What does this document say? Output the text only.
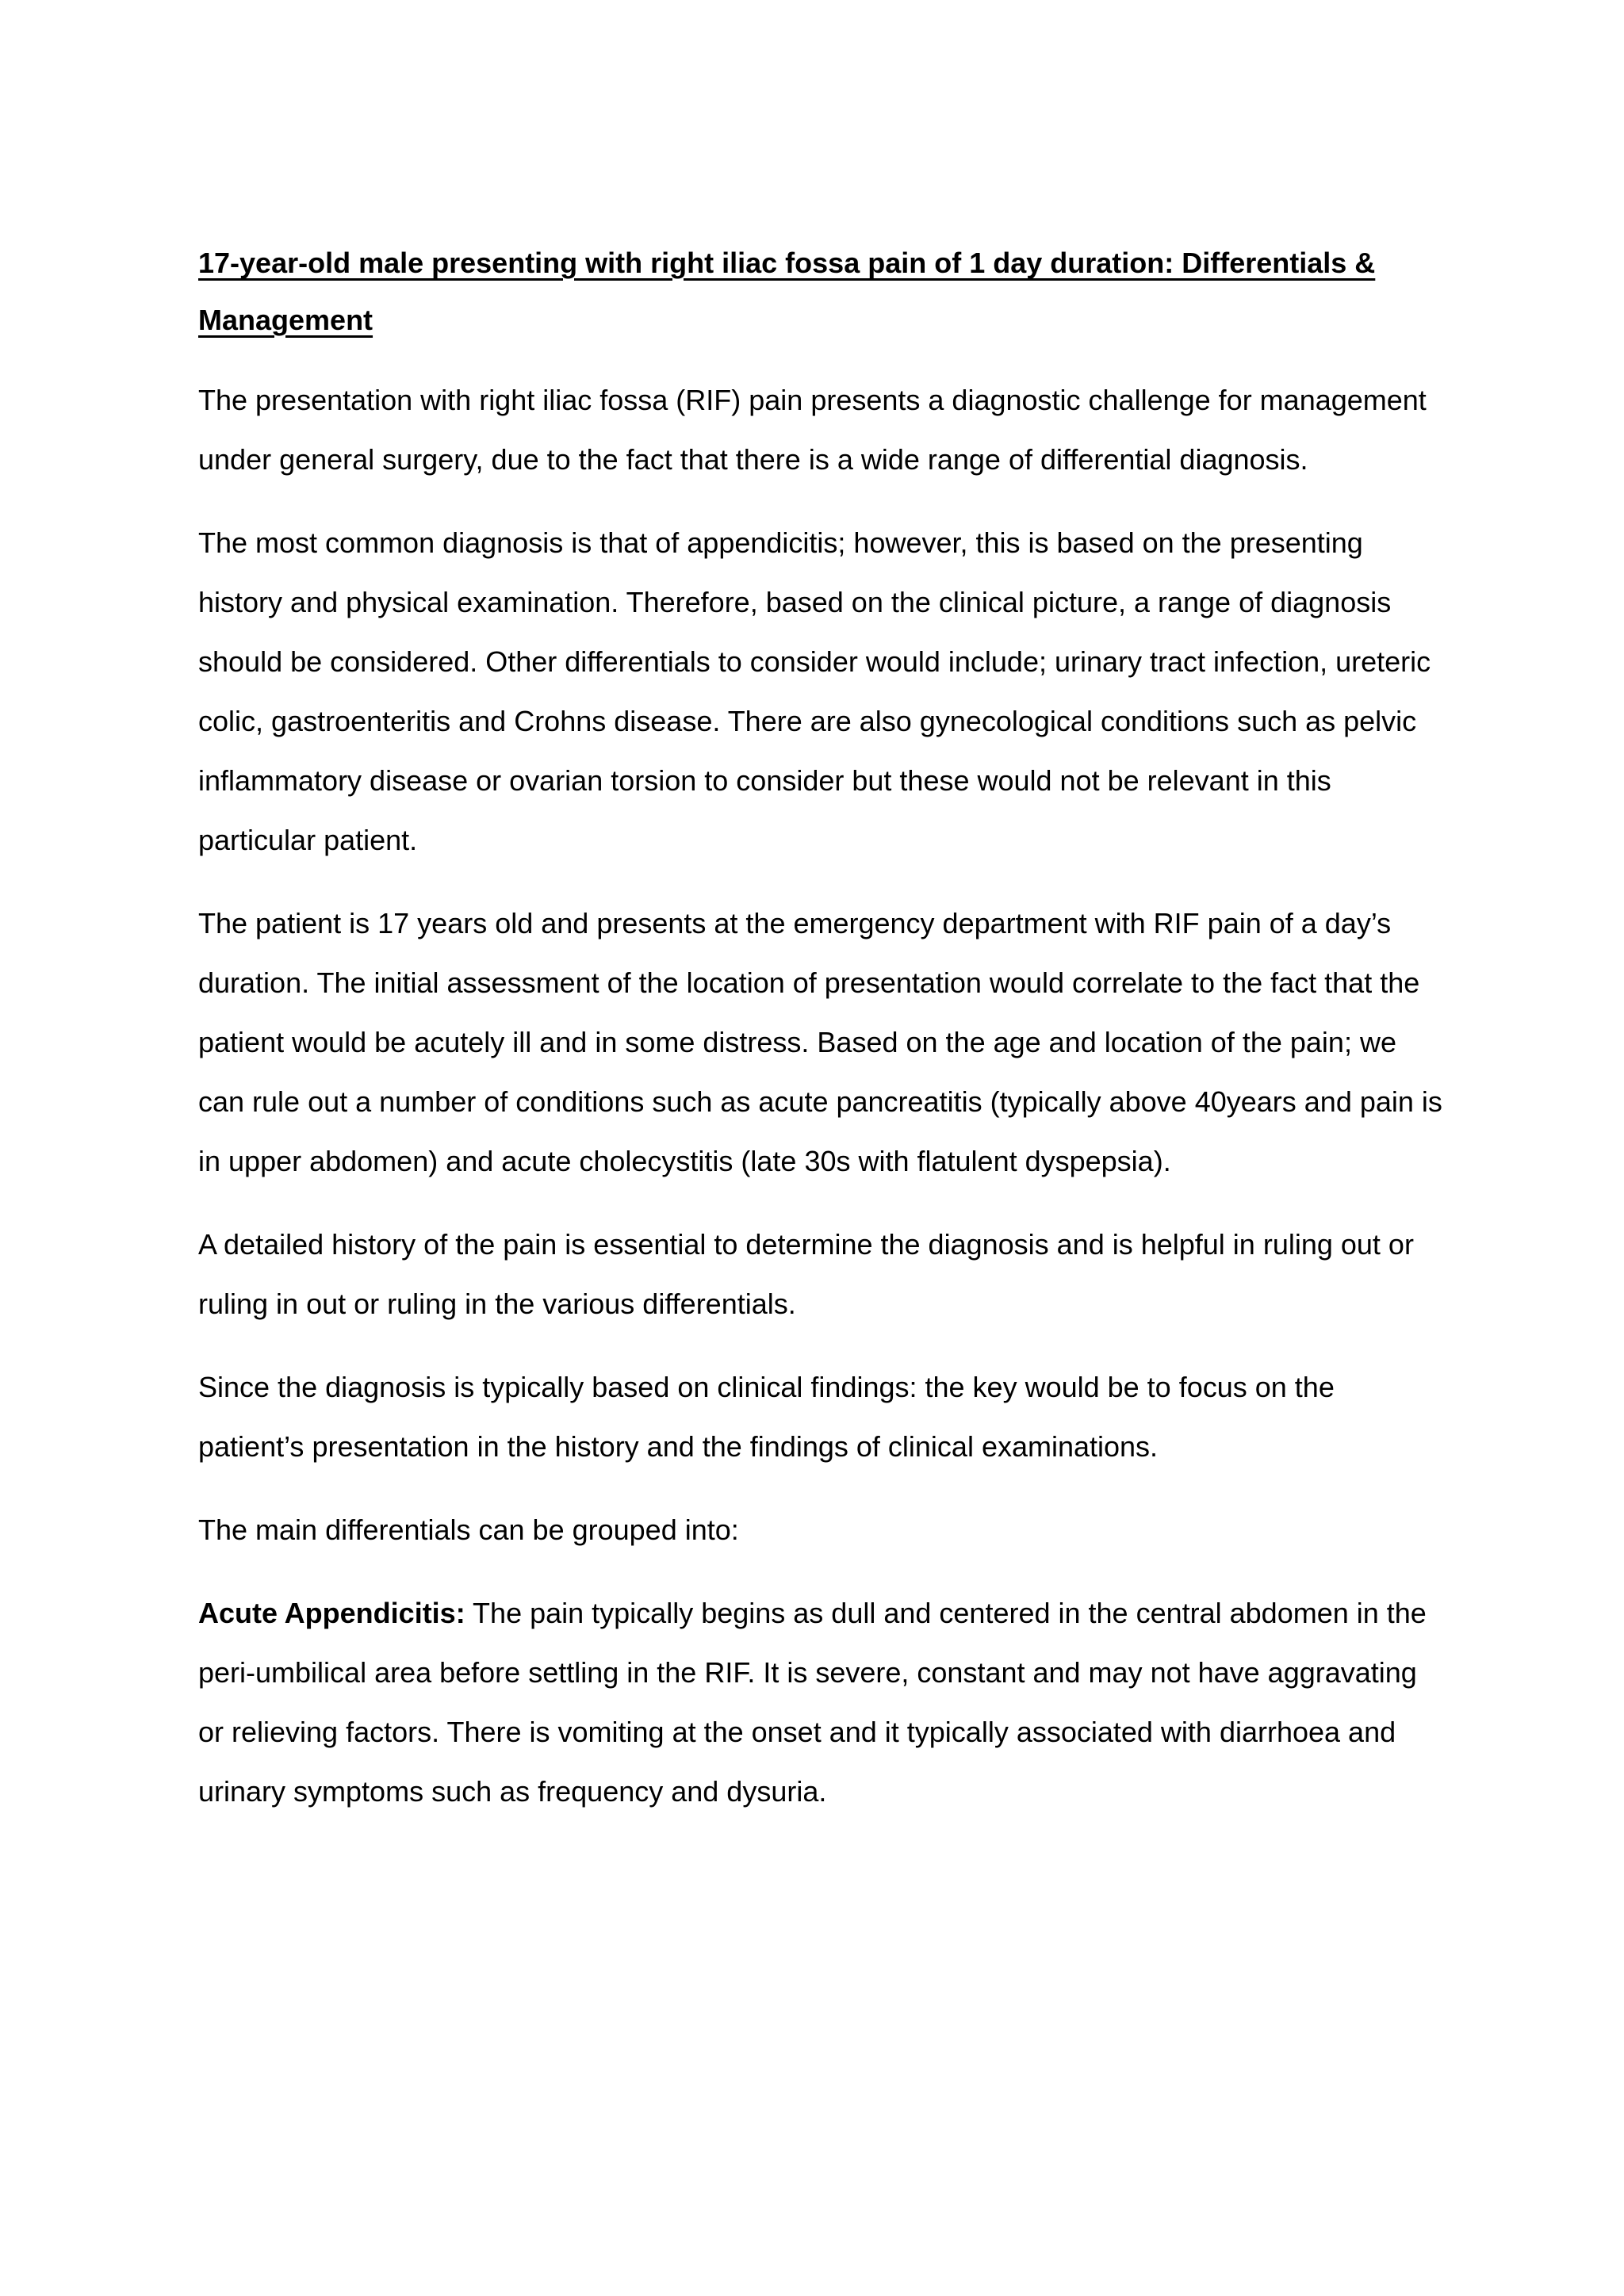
17-year-old male presenting with right iliac fossa pain of 1 day duration: Differentials & Management

The presentation with right iliac fossa (RIF) pain presents a diagnostic challenge for management under general surgery, due to the fact that there is a wide range of differential diagnosis.

The most common diagnosis is that of appendicitis; however, this is based on the presenting history and physical examination. Therefore, based on the clinical picture, a range of diagnosis should be considered. Other differentials to consider would include; urinary tract infection, ureteric colic, gastroenteritis and Crohns disease. There are also gynecological conditions such as pelvic inflammatory disease or ovarian torsion to consider but these would not be relevant in this particular patient.

The patient is 17 years old and presents at the emergency department with RIF pain of a day’s duration. The initial assessment of the location of presentation would correlate to the fact that the patient would be acutely ill and in some distress. Based on the age and location of the pain; we can rule out a number of conditions such as acute pancreatitis (typically above 40years and pain is in upper abdomen) and acute cholecystitis (late 30s with flatulent dyspepsia).

A detailed history of the pain is essential to determine the diagnosis and is helpful in ruling out or ruling in out or ruling in the various differentials.

Since the diagnosis is typically based on clinical findings: the key would be to focus on the patient’s presentation in the history and the findings of clinical examinations.

The main differentials can be grouped into:

Acute Appendicitis: The pain typically begins as dull and centered in the central abdomen in the peri-umbilical area before settling in the RIF. It is severe, constant and may not have aggravating or relieving factors. There is vomiting at the onset and it typically associated with diarrhoea and urinary symptoms such as frequency and dysuria.
